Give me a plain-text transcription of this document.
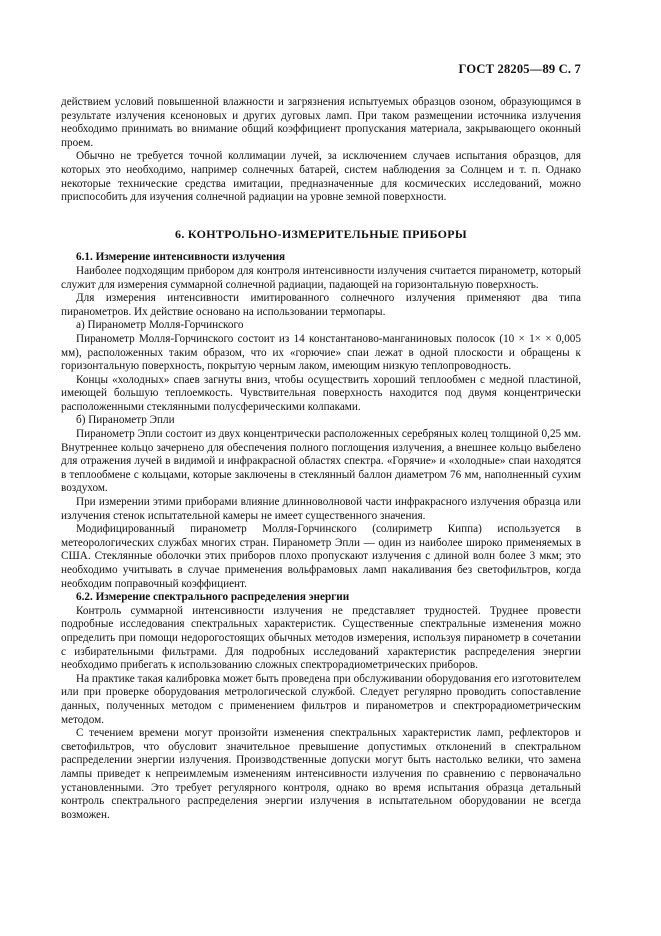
ГОСТ 28205—89 С. 7

действием условий повышенной влажности и загрязнения испытуемых образцов озоном, образующимся в результате излучения ксеноновых и других дуговых ламп. При таком размещении источника излучения необходимо принимать во внимание общий коэффициент пропускания материала, закрывающего оконный проем.

Обычно не требуется точной коллимации лучей, за исключением случаев испытания образцов, для которых это необходимо, например солнечных батарей, систем наблюдения за Солнцем и т. п. Однако некоторые технические средства имитации, предназначенные для космических исследований, можно приспособить для изучения солнечной радиации на уровне земной поверхности.

6. КОНТРОЛЬНО-ИЗМЕРИТЕЛЬНЫЕ ПРИБОРЫ

6.1. Измерение интенсивности излучения

Наиболее подходящим прибором для контроля интенсивности излучения считается пиранометр, который служит для измерения суммарной солнечной радиации, падающей на горизонтальную поверхность.

Для измерения интенсивности имитированного солнечного излучения применяют два типа пиранометров. Их действие основано на использовании термопары.

а) Пиранометр Молля-Горчинского

Пиранометр Молля-Горчинского состоит из 14 константаново-манганиновых полосок (10 × 1× × 0,005 мм), расположенных таким образом, что их «горючие» спаи лежат в одной плоскости и обращены к горизонтальную поверхность, покрытую черным лаком, имеющим низкую теплопроводность.

Концы «холодных» спаев загнуты вниз, чтобы осуществить хороший теплообмен с медной пластиной, имеющей большую теплоемкость. Чувствительная поверхность находится под двумя концентрически расположенными стеклянными полусферическими колпаками.

б) Пиранометр Эпли

Пиранометр Эпли состоит из двух концентрически расположенных серебряных колец толщиной 0,25 мм. Внутреннее кольцо зачернено для обеспечения полного поглощения излучения, а внешнее кольцо выбелено для отражения лучей в видимой и инфракрасной областях спектра. «Горячие» и «холодные» спаи находятся в теплообмене с кольцами, которые заключены в стеклянный баллон диаметром 76 мм, наполненный сухим воздухом.

При измерении этими приборами влияние длинноволновой части инфракрасного излучения образца или излучения стенок испытательной камеры не имеет существенного значения.

Модифицированный пиранометр Молля-Горчинского (солириметр Киппа) используется в метеорологических службах многих стран. Пиранометр Эпли — один из наиболее широко применяемых в США. Стеклянные оболочки этих приборов плохо пропускают излучения с длиной волн более 3 мкм; это необходимо учитывать в случае применения вольфрамовых ламп накаливания без светофильтров, когда необходим поправочный коэффициент.

6.2. Измерение спектрального распределения энергии

Контроль суммарной интенсивности излучения не представляет трудностей. Труднее провести подробные исследования спектральных характеристик. Существенные спектральные изменения можно определить при помощи недорогостоящих обычных методов измерения, используя пиранометр в сочетании с избирательными фильтрами. Для подробных исследований характеристик распределения энергии необходимо прибегать к использованию сложных спектрорадиометрических приборов.

На практике такая калибровка может быть проведена при обслуживании оборудования его изготовителем или при проверке оборудования метрологической службой. Следует регулярно проводить сопоставление данных, полученных методом с применением фильтров и пиранометров и спектрорадиометрическим методом.

С течением времени могут произойти изменения спектральных характеристик ламп, рефлекторов и светофильтров, что обусловит значительное превышение допустимых отклонений в спектральном распределении энергии излучения. Производственные допуски могут быть настолько велики, что замена лампы приведет к непреимлемым изменениям интенсивности излучения по сравнению с первоначально установленными. Это требует регулярного контроля, однако во время испытания образца детальный контроль спектрального распределения энергии излучения в испытательном оборудовании не всегда возможен.
